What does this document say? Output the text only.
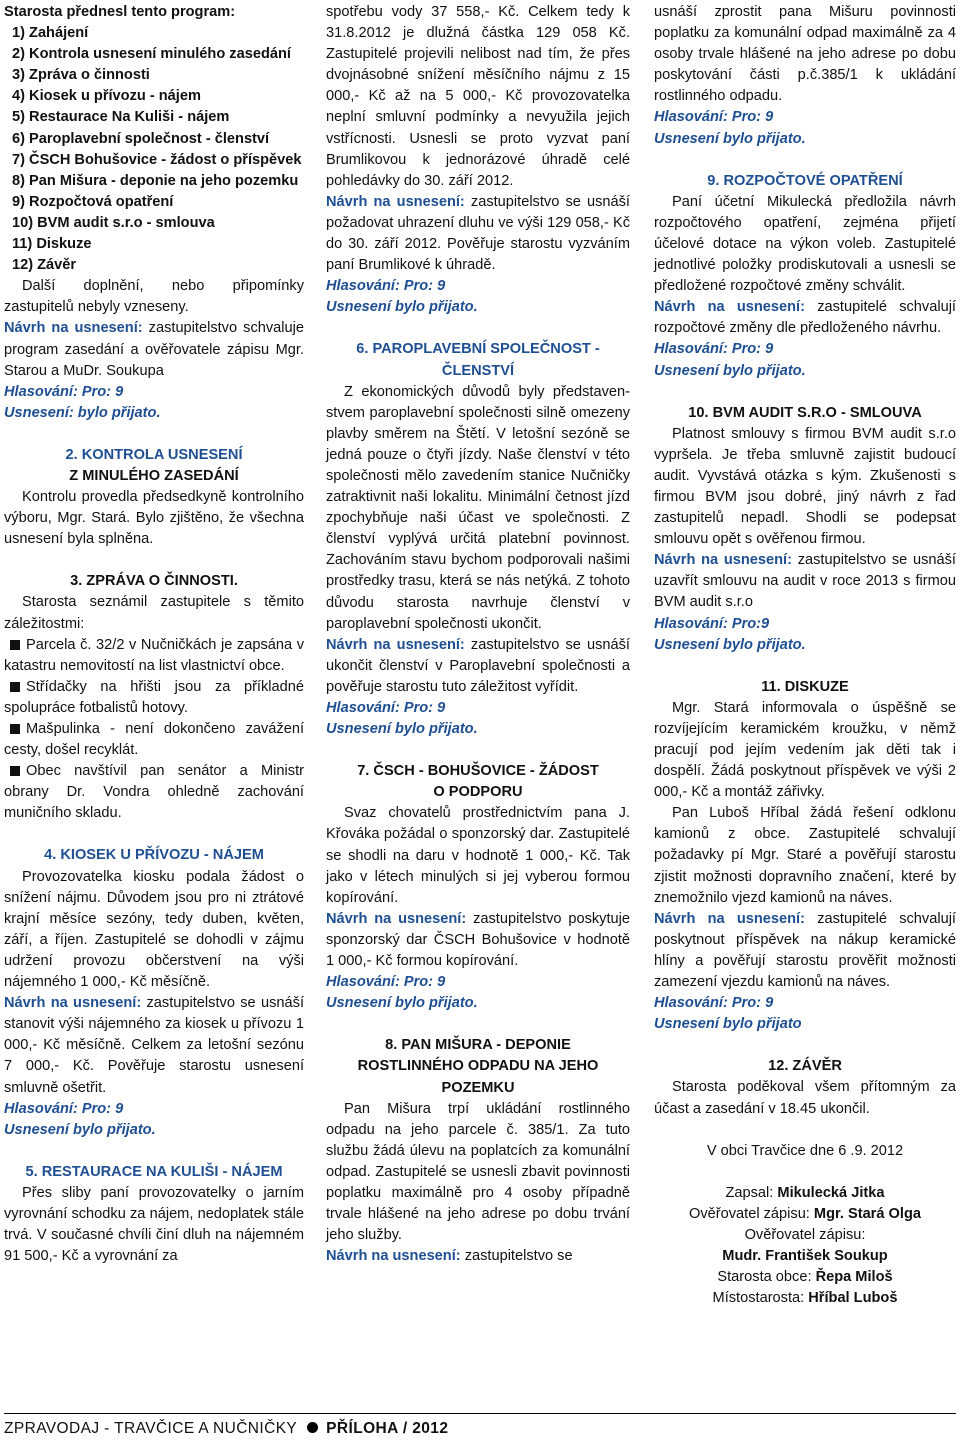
Starosta přednesl tento program:

1) Zahájení
2) Kontrola usnesení minulého zasedání
3) Zpráva o činnosti
4) Kiosek u přívozu - nájem
5) Restaurace Na Kuliši - nájem
6) Paroplavební společnost - členství
7) ČSCH Bohušovice - žádost o příspěvek
8) Pan Mišura - deponie na jeho pozemku
9) Rozpočtová opatření
10) BVM audit s.r.o - smlouva
11) Diskuze
12) Závěr

Další doplnění, nebo připomínky zastupitelů nebyly vzneseny.

Návrh na usnesení: zastupitelstvo schvaluje program zasedání a ověřovatele zápisu Mgr. Starou a MuDr. Soukupa

Hlasování: Pro: 9

Usnesení: bylo přijato.

2. KONTROLA USNESENÍ

Z MINULÉHO ZASEDÁNÍ

Kontrolu provedla předsedkyně kontrolního výboru, Mgr. Stará. Bylo zjištěno, že všechna usnesení byla splněna.

3. ZPRÁVA O ČINNOSTI.

Starosta seznámil zastupitele s těmito záležitostmi:

Parcela č. 32/2 v Nučničkách je zapsána v katastru nemovitostí na list vlastnictví obce.

Střídačky na hřišti jsou za příkladné spolupráce fotbalistů hotovy.

Mašpulinka - není dokončeno zavážení cesty, došel recyklát.

Obec navštívil pan senátor a Ministr obrany Dr. Vondra ohledně zachování muničního skladu.

4. KIOSEK U PŘÍVOZU - NÁJEM

Provozovatelka kiosku podala žádost o snížení nájmu. Důvodem jsou pro ni ztrátové krajní měsíce sezóny, tedy duben, květen, září, a říjen. Zastupitelé se dohodli v zájmu udržení provozu občerstvení na výši nájemného 1 000,- Kč měsíčně.

Návrh na usnesení: zastupitelstvo se usnáší stanovit výši nájemného za kiosek u přívozu 1 000,- Kč měsíčně. Celkem za letošní sezónu 7 000,- Kč. Pověřuje starostu usnesení smluvně ošetřit.

Hlasování: Pro: 9

Usnesení bylo přijato.

5. RESTAURACE NA KULIŠI - NÁJEM

Přes sliby paní provozovatelky o jarním vyrovnání schodku za nájem, nedoplatek stále trvá. V současné chvíli činí dluh na nájemném 91 500,- Kč a vyrovnání za

spotřebu vody 37 558,- Kč. Celkem tedy k 31.8.2012 je dlužná částka 129 058 Kč. Zastupitelé projevili nelibost nad tím, že přes dvojnásobné snížení měsíčního nájmu z 15 000,- Kč až na 5 000,- Kč provozovatelka neplní smluvní podmínky a nevyužila jejich vstřícnosti. Usnesli se proto vyzvat paní Brumlikovou k jednorázové úhradě celé pohledávky do 30. září 2012.

Návrh na usnesení: zastupitelstvo se usnáší požadovat uhrazení dluhu ve výši 129 058,- Kč do 30. září 2012. Pověřuje starostu vyzváním paní Brumlikové k úhradě.

Hlasování: Pro: 9

Usnesení bylo přijato.

6. PAROPLAVEBNÍ SPOLEČNOST -

ČLENSTVÍ

Z ekonomických důvodů byly představenstvem paroplavební společnosti silně omezeny plavby směrem na Štětí. V letošní sezóně se jedná pouze o čtyři jízdy. Naše členství v této společnosti mělo zavedením stanice Nučničky zatraktivnit naši lokalitu. Minimální četnost jízd zpochybňuje naši účast ve společnosti. Z členství vyplývá určitá platební povinnost. Zachováním stavu bychom podporovali našimi prostředky trasu, která se nás netýká. Z tohoto důvodu starosta navrhuje členství v paroplavební společnosti ukončit.

Návrh na usnesení: zastupitelstvo se usnáší ukončit členství v Paroplavební společnosti a pověřuje starostu tuto záležitost vyřídit.

Hlasování: Pro: 9

Usnesení bylo přijato.

7. ČSCH - BOHUŠOVICE - ŽÁDOST

O PODPORU

Svaz chovatelů prostřednictvím pana J. Křováka požádal o sponzorský dar. Zastupitelé se shodli na daru v hodnotě 1 000,- Kč. Tak jako v létech minulých si jej vyberou formou kopírování.

Návrh na usnesení: zastupitelstvo poskytuje sponzorský dar ČSCH Bohušovice v hodnotě 1 000,- Kč formou kopírování.

Hlasování: Pro: 9

Usnesení bylo přijato.

8. PAN MIŠURA - DEPONIE

ROSTLINNÉHO ODPADU NA JEHO

POZEMKU

Pan Mišura trpí ukládání rostlinného odpadu na jeho parcele č. 385/1. Za tuto službu žádá úlevu na poplatcích za komunální odpad. Zastupitelé se usnesli zbavit povinnosti poplatku maximálně pro 4 osoby případně trvale hlášené na jeho adrese po dobu trvání jeho služby.

Návrh na usnesení: zastupitelstvo se

usnáší zprostit pana Mišuru povinnosti poplatku za komunální odpad maximálně za 4 osoby trvale hlášené na jeho adrese po dobu poskytování části p.č.385/1 k ukládání rostlinného odpadu.

Hlasování: Pro: 9

Usnesení bylo přijato.

9. ROZPOČTOVÉ OPATŘENÍ

Paní účetní Mikulecká předložila návrh rozpočtového opatření, zejména přijetí účelové dotace na výkon voleb. Zastupitelé jednotlivé položky prodiskutovali a usnesli se předložené rozpočtové změny schválit.

Návrh na usnesení: zastupitelé schvalují rozpočtové změny dle předloženého návrhu.

Hlasování: Pro: 9

Usnesení bylo přijato.

10. BVM AUDIT S.R.O - SMLOUVA

Platnost smlouvy s firmou BVM audit s.r.o vypršela. Je třeba smluvně zajistit budoucí audit. Vyvstává otázka s kým. Zkušenosti s firmou BVM jsou dobré, jiný návrh z řad zastupitelů nepadl. Shodli se podepsat smlouvu opět s ověřenou firmou.

Návrh na usnesení: zastupitelstvo se usnáší uzavřít smlouvu na audit v roce 2013 s firmou BVM audit s.r.o

Hlasování: Pro:9

Usnesení bylo přijato.

11. DISKUZE

Mgr. Stará informovala o úspěšně se rozvíjejícím keramickém kroužku, v němž pracují pod jejím vedením jak děti tak i dospělí. Žádá poskytnout příspěvek ve výši 2 000,- Kč a montáž zářivky.

Pan Luboš Hříbal žádá řešení odklonu kamionů z obce. Zastupitelé schvalují požadavky pí Mgr. Staré a pověřují starostu zjistit možnosti dopravního značení, které by znemožnilo vjezd kamionů na náves.

Návrh na usnesení: zastupitelé schvalují poskytnout příspěvek na nákup keramické hlíny a pověřují starostu prověřit možnosti zamezení vjezdu kamionů na náves.

Hlasování: Pro: 9

Usnesení bylo přijato

12. ZÁVĚR

Starosta poděkoval všem přítomným za účast a zasedání v 18.45 ukončil.

V obci Travčice dne 6 .9. 2012

Zapsal: Mikulecká Jitka

Ověřovatel zápisu: Mgr. Stará Olga

Ověřovatel zápisu:

Mudr. František Soukup

Starosta obce: Řepa Miloš

Místostarosta: Hříbal Luboš

ZPRAVODAJ - TRAVČICE A NUČNIČKY PŘÍLOHA / 2012
